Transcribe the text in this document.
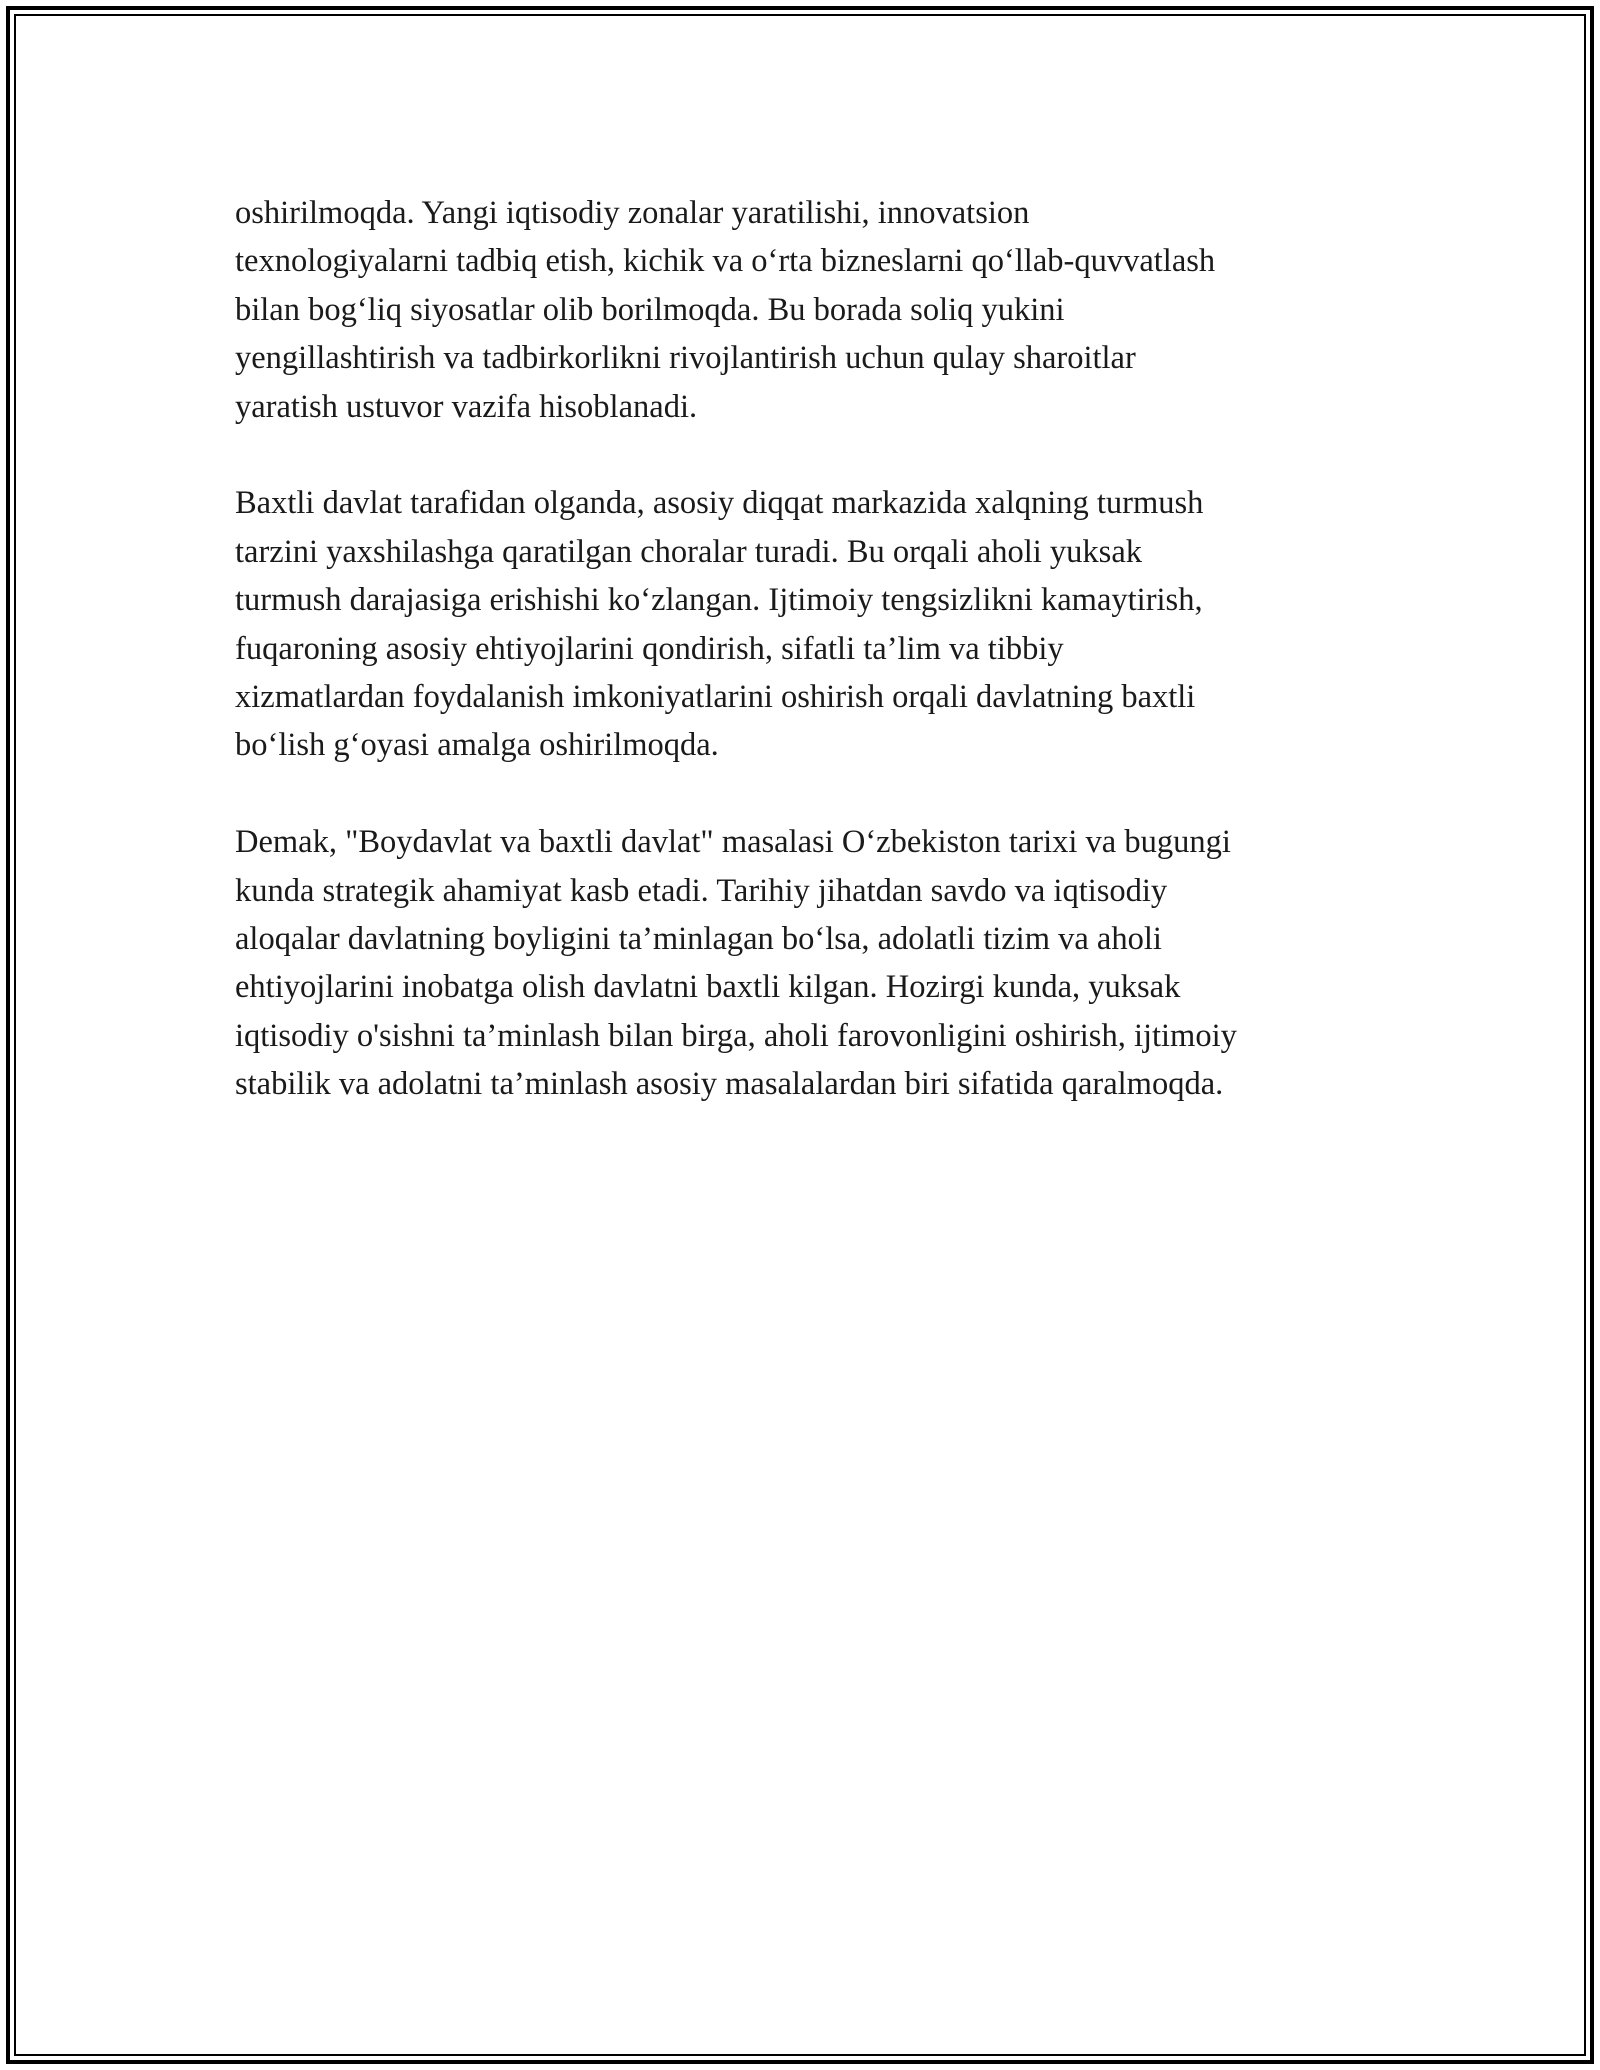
oshirilmoqda. Yangi iqtisodiy zonalar yaratilishi, innovatsion
texnologiyalarni tadbiq etish, kichik va o‘rta bizneslarni qo‘llab-quvvatlash
bilan bog‘liq siyosatlar olib borilmoqda. Bu borada soliq yukini
yengillashtirish va tadbirkorlikni rivojlantirish uchun qulay sharoitlar
yaratish ustuvor vazifa hisoblanadi.

Baxtli davlat tarafidan olganda, asosiy diqqat markazida xalqning turmush
tarzini yaxshilashga qaratilgan choralar turadi. Bu orqali aholi yuksak
turmush darajasiga erishishi ko‘zlangan. Ijtimoiy tengsizlikni kamaytirish,
fuqaroning asosiy ehtiyojlarini qondirish, sifatli ta’lim va tibbiy
xizmatlardan foydalanish imkoniyatlarini oshirish orqali davlatning baxtli
bo‘lish g‘oyasi amalga oshirilmoqda.

Demak, "Boydavlat va baxtli davlat" masalasi O‘zbekiston tarixi va bugungi
kunda strategik ahamiyat kasb etadi. Tarihiy jihatdan savdo va iqtisodiy
aloqalar davlatning boyligini ta’minlagan bo‘lsa, adolatli tizim va aholi
ehtiyojlarini inobatga olish davlatni baxtli kilgan. Hozirgi kunda, yuksak
iqtisodiy o'sishni ta’minlash bilan birga, aholi farovonligini oshirish, ijtimoiy
stabilik va adolatni ta’minlash asosiy masalalardan biri sifatida qaralmoqda.
